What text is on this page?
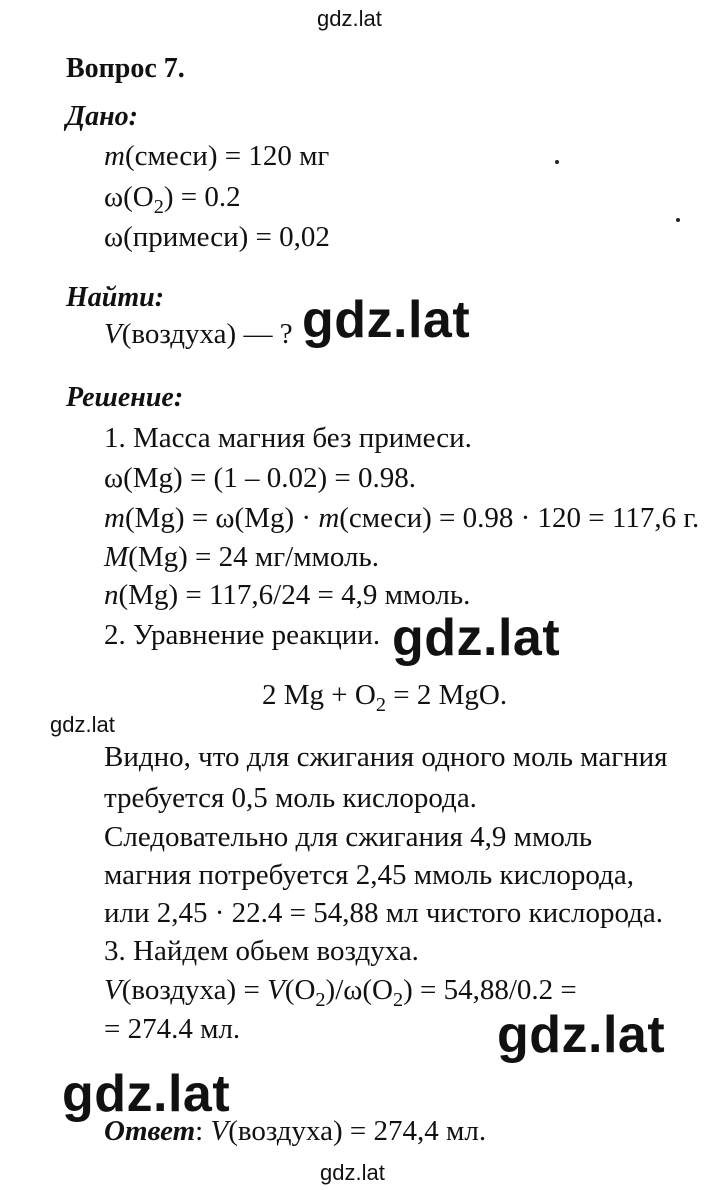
gdz.lat
gdz.lat
gdz.lat
gdz.lat
gdz.lat
gdz.lat
gdz.lat
Вопрос 7.
Дано:
m(смеси) = 120 мг
$\omega(O_2) = 0.2$
ω(примеси) = 0,02
Найти:
V(воздуха) — ?
Решение:
1. Масса магния без примеси.
ω(Mg) = (1 – 0.02) = 0.98.
m(Mg) = ω(Mg) · m(смеси) = 0.98 · 120 = 117,6 г.
M(Mg) = 24 мг/ммоль.
n(Mg) = 117,6/24 = 4,9 ммоль.
2. Уравнение реакции.
2 $Mg + O_2 = 2$ MgO.
Видно, что для сжигания одного моль магния
требуется 0,5 моль кислорода.
Следовательно для сжигания 4,9 ммоль
магния потребуется 2,45 ммоль кислорода,
или 2,45 · 22.4 = 54,88 мл чистого кислорода.
3. Найдем обьем воздуха.
V(воздуха) = $V(O_2)/\omega(O_2) = 54,88/0.2$ =
= 274.4 мл.
Ответ: V(воздуха) = 274,4 мл.
